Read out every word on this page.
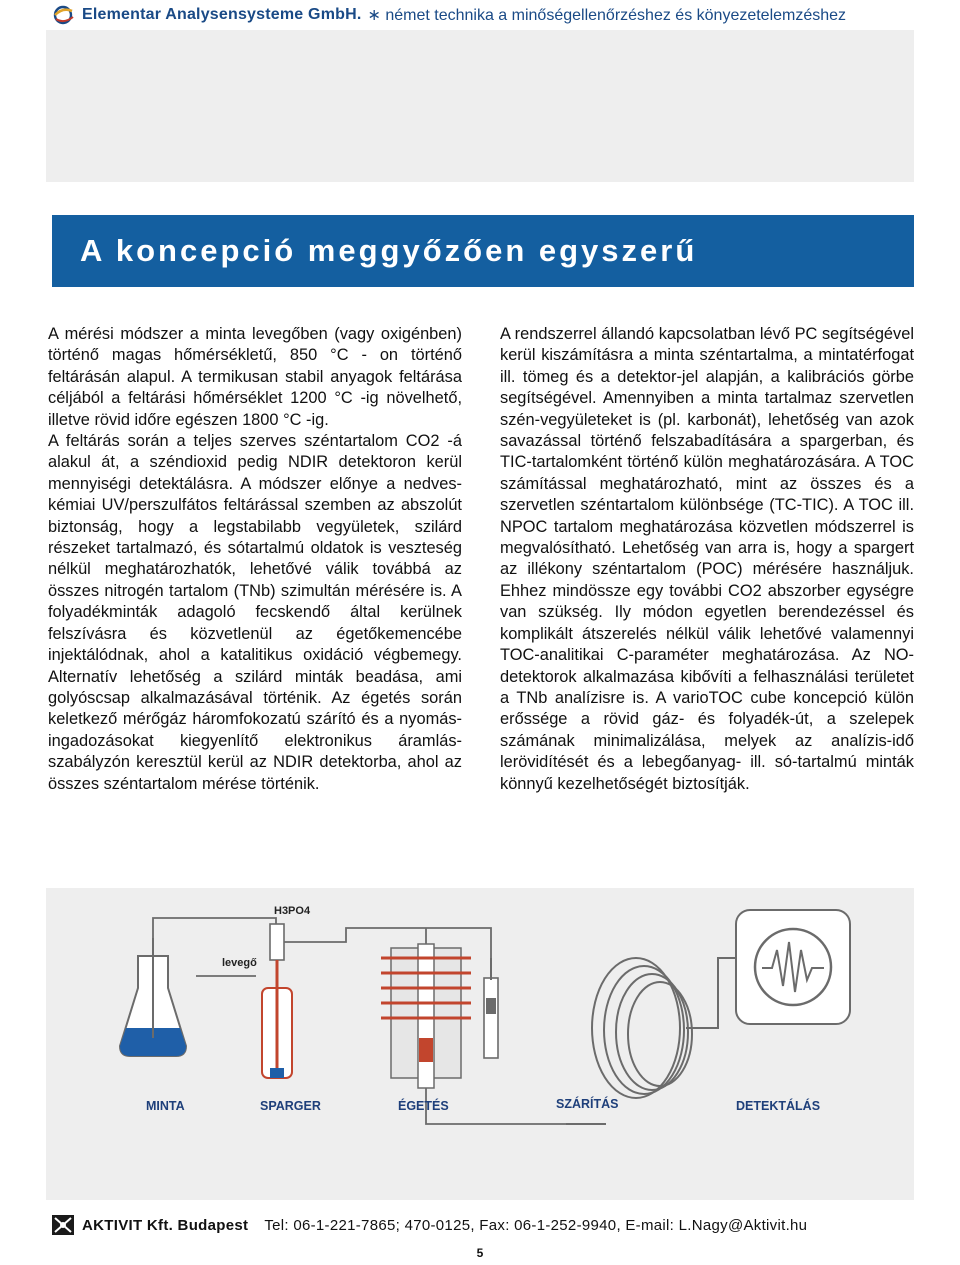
Elementar Analysensysteme GmbH. ∗ német technika a minőségellenőrzéshez és könyezetelemzéshez
A koncepció meggyőzően egyszerű

A mérési módszer a minta levegőben (vagy oxigénben) történő magas hőmérsékletű, 850 °C - on történő feltárásán alapul. A termikusan stabil anyagok feltárása céljából a feltárási hőmérséklet 1200 °C -ig növelhető, illetve rövid időre egészen 1800 °C -ig.

A feltárás során a teljes szerves széntartalom CO2 -á alakul át, a széndioxid pedig NDIR detektoron kerül mennyiségi detektálásra. A módszer előnye a nedves-kémiai UV/perszulfátos feltárással szemben az abszolút biztonság, hogy a legstabilabb vegyületek, szilárd részeket tartalmazó, és sótartalmú oldatok is veszteség nélkül meghatározhatók, lehetővé válik továbbá az összes nitrogén tartalom (TNb) szimultán mérésére is. A folyadékminták adagoló fecskendő által kerülnek felszívásra és közvetlenül az égetőkemencébe injektálódnak, ahol a katalitikus oxidáció végbemegy. Alternatív lehetőség a szilárd minták beadása, ami golyóscsap alkalmazásával történik. Az égetés során keletkező mérőgáz háromfokozatú szárító és a nyomás-ingadozásokat kiegyenlítő elektronikus áramlás-szabályzón keresztül kerül az NDIR detektorba, ahol az összes széntartalom mérése történik.

A rendszerrel állandó kapcsolatban lévő PC segítségével kerül kiszámításra a minta széntartalma, a mintatérfogat ill. tömeg és a detektor-jel alapján, a kalibrációs görbe segítségével. Amennyiben a minta tartalmaz szervetlen szén-vegyületeket is (pl. karbonát), lehetőség van azok savazással történő felszabadítására a spargerban, és TIC-tartalomként történő külön meghatározására. A TOC számítással meghatározható, mint az összes és a szervetlen széntartalom különbsége (TC-TIC). A TOC ill. NPOC tartalom meghatározása közvetlen módszerrel is megvalósítható. Lehetőség van arra is, hogy a spargert az illékony széntartalom (POC) mérésére használjuk. Ehhez mindössze egy további CO2 abszorber egységre van szükség. Ily módon egyetlen berendezéssel és komplikált átszerelés nélkül válik lehetővé valamennyi TOC-analitikai C-paraméter meghatározása. Az NO-detektorok alkalmazása kibővíti a felhasználási területet a TNb analízisre is. A varioTOC cube koncepció külön erőssége a rövid gáz- és folyadék-út, a szelepek számának minimalizálása, melyek az analízis-idő lerövidítését és a lebegőanyag- ill. só-tartalmú minták könnyű kezelhetőségét biztosítják.

levegő
H3PO4
MINTA	SPARGER	ÉGETÉS	SZÁRÍTÁS	DETEKTÁLÁS
AKTIVIT Kft. Budapest Tel: 06-1-221-7865; 470-0125, Fax: 06-1-252-9940, E-mail: L.Nagy@Aktivit.hu
5
